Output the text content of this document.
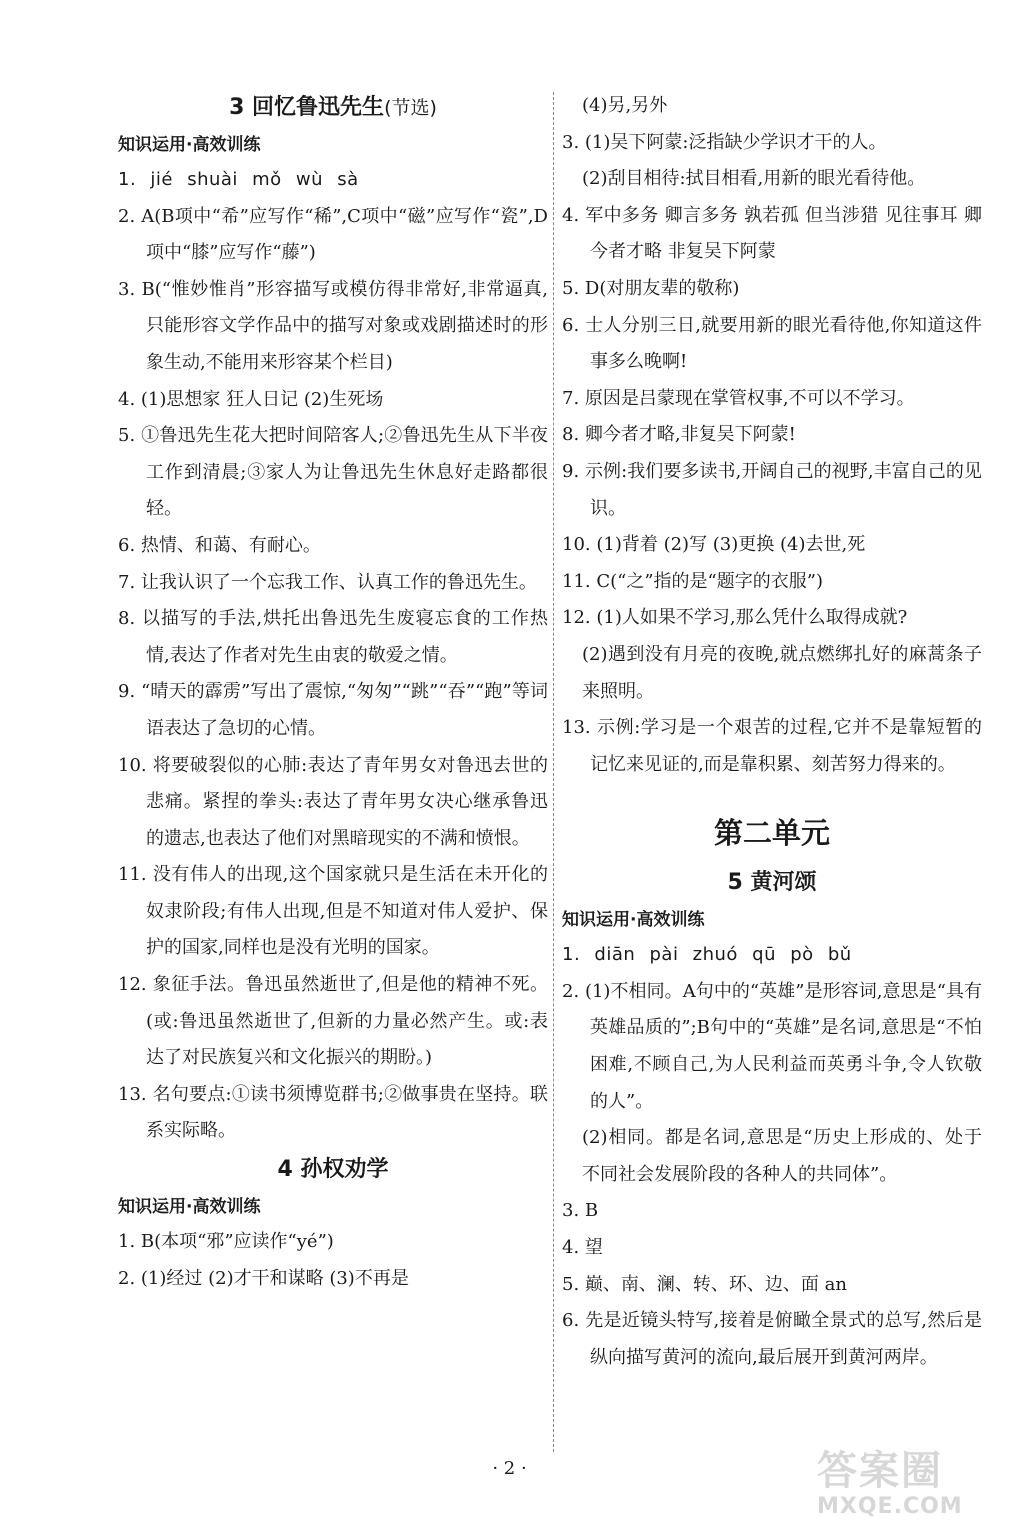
3 回忆鲁迅先生(节选)
知识运用·高效训练
1. jié shuài mǒ wù sà
2. A(B项中“希”应写作“稀”,C项中“磁”应写作“瓷”,D项中“膝”应写作“藤”)
3. B(“惟妙惟肖”形容描写或模仿得非常好,非常逼真,只能形容文学作品中的描写对象或戏剧描述时的形象生动,不能用来形容某个栏目)
4. (1)思想家 狂人日记 (2)生死场
5. ①鲁迅先生花大把时间陪客人;②鲁迅先生从下半夜工作到清晨;③家人为让鲁迅先生休息好走路都很轻。
6. 热情、和蔼、有耐心。
7. 让我认识了一个忘我工作、认真工作的鲁迅先生。
8. 以描写的手法,烘托出鲁迅先生废寝忘食的工作热情,表达了作者对先生由衷的敬爱之情。
9. “晴天的霹雳”写出了震惊,“匆匆”“跳”“吞”“跑”等词语表达了急切的心情。
10. 将要破裂似的心肺:表达了青年男女对鲁迅去世的悲痛。紧捏的拳头:表达了青年男女决心继承鲁迅的遗志,也表达了他们对黑暗现实的不满和愤恨。
11. 没有伟人的出现,这个国家就只是生活在未开化的奴隶阶段;有伟人出现,但是不知道对伟人爱护、保护的国家,同样也是没有光明的国家。
12. 象征手法。鲁迅虽然逝世了,但是他的精神不死。(或:鲁迅虽然逝世了,但新的力量必然产生。或:表达了对民族复兴和文化振兴的期盼。)
13. 名句要点:①读书须博览群书;②做事贵在坚持。联系实际略。
4 孙权劝学
知识运用·高效训练
1. B(本项“邪”应读作“yé”)
2. (1)经过 (2)才干和谋略 (3)不再是
(4)另,另外
3. (1)吴下阿蒙:泛指缺少学识才干的人。
(2)刮目相待:拭目相看,用新的眼光看待他。
4. 军中多务 卿言多务 孰若孤 但当涉猎 见往事耳 卿今者才略 非复吴下阿蒙
5. D(对朋友辈的敬称)
6. 士人分别三日,就要用新的眼光看待他,你知道这件事多么晚啊!
7. 原因是吕蒙现在掌管权事,不可以不学习。
8. 卿今者才略,非复吴下阿蒙!
9. 示例:我们要多读书,开阔自己的视野,丰富自己的见识。
10. (1)背着 (2)写 (3)更换 (4)去世,死
11. C(“之”指的是“题字的衣服”)
12. (1)人如果不学习,那么凭什么取得成就?
(2)遇到没有月亮的夜晚,就点燃绑扎好的麻蒿条子来照明。
13. 示例:学习是一个艰苦的过程,它并不是靠短暂的记忆来见证的,而是靠积累、刻苦努力得来的。
第二单元
5 黄河颂
知识运用·高效训练
1. diān pài zhuó qū pò bǔ
2. (1)不相同。A句中的“英雄”是形容词,意思是“具有英雄品质的”;B句中的“英雄”是名词,意思是“不怕困难,不顾自己,为人民利益而英勇斗争,令人钦敬的人”。
(2)相同。都是名词,意思是“历史上形成的、处于不同社会发展阶段的各种人的共同体”。
3. B
4. 望
5. 巅、南、澜、转、环、边、面 an
6. 先是近镜头特写,接着是俯瞰全景式的总写,然后是纵向描写黄河的流向,最后展开到黄河两岸。
· 2 ·	答案圈
MXQE.COM
